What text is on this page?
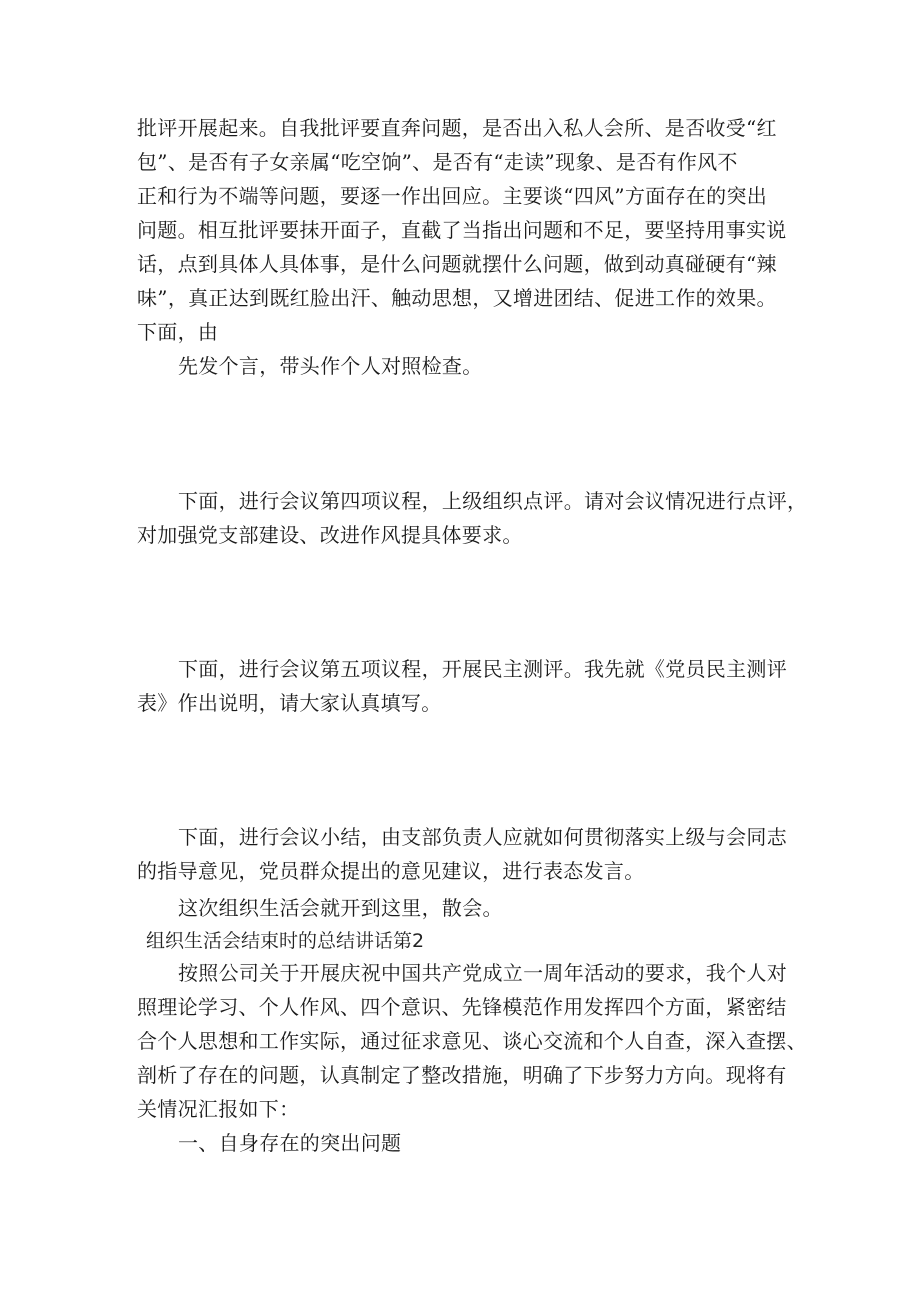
批评开展起来。自我批评要直奔问题，是否出入私人会所、是否收受“红
包”、是否有子女亲属“吃空饷”、是否有“走读”现象、是否有作风不
正和行为不端等问题，要逐一作出回应。主要谈“四风”方面存在的突出
问题。相互批评要抹开面子，直截了当指出问题和不足，要坚持用事实说
话，点到具体人具体事，是什么问题就摆什么问题，做到动真碰硬有“辣
味”，真正达到既红脸出汗、触动思想，又增进团结、促进工作的效果。
下面，由
先发个言，带头作个人对照检查。
下面，进行会议第四项议程，上级组织点评。请对会议情况进行点评，
对加强党支部建设、改进作风提具体要求。
下面，进行会议第五项议程，开展民主测评。我先就《党员民主测评
表》作出说明，请大家认真填写。
下面，进行会议小结，由支部负责人应就如何贯彻落实上级与会同志
的指导意见，党员群众提出的意见建议，进行表态发言。
这次组织生活会就开到这里，散会。
组织生活会结束时的总结讲话第2
按照公司关于开展庆祝中国共产党成立一周年活动的要求，我个人对
照理论学习、个人作风、四个意识、先锋模范作用发挥四个方面，紧密结
合个人思想和工作实际，通过征求意见、谈心交流和个人自查，深入查摆、
剖析了存在的问题，认真制定了整改措施，明确了下步努力方向。现将有
关情况汇报如下：
一、自身存在的突出问题
